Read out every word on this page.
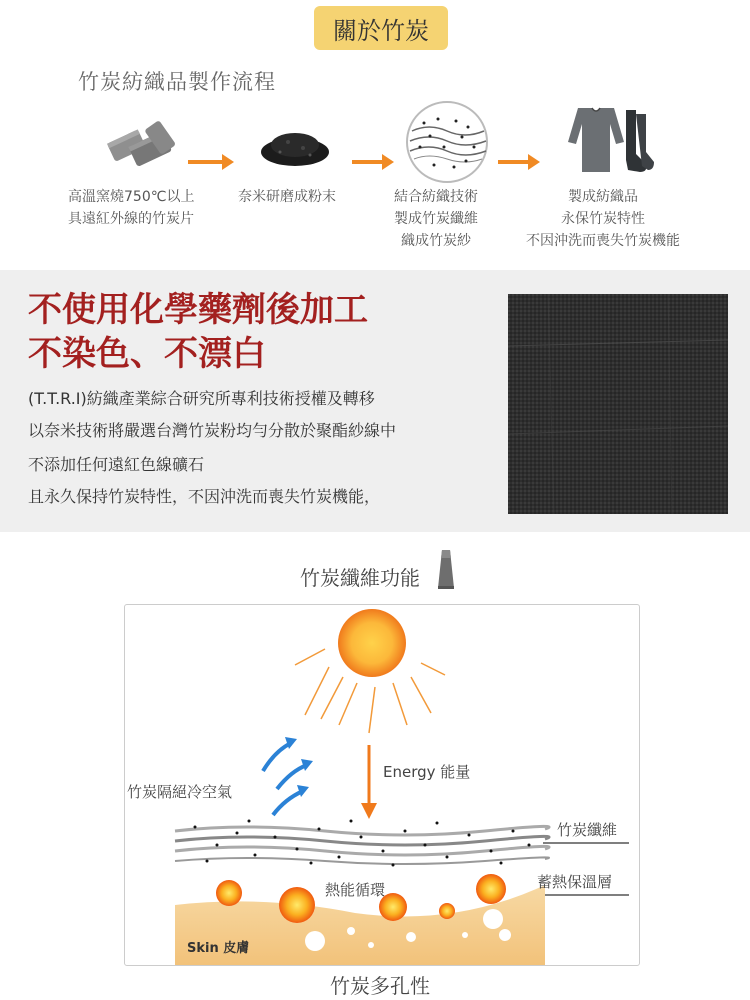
關於竹炭
竹炭紡織品製作流程
高溫窯燒750℃以上
具遠紅外線的竹炭片
奈米研磨成粉末	結合紡織技術
製成竹炭纖維
織成竹炭紗
製成紡織品
永保竹炭特性
不因沖洗而喪失竹炭機能
不使用化學藥劑後加工
不染色、不漂白
(T.T.R.I)紡織產業綜合研究所專利技術授權及轉移
以奈米技術將嚴選台灣竹炭粉均勻分散於聚酯紗線中
不添加任何遠紅色線礦石
且永久保持竹炭特性，不因沖洗而喪失竹炭機能，
竹炭纖維功能
竹炭隔絕冷空氣
Energy 能量
竹炭纖維
蓄熱保溫層
熱能循環
Skin 皮膚
竹炭多孔性
